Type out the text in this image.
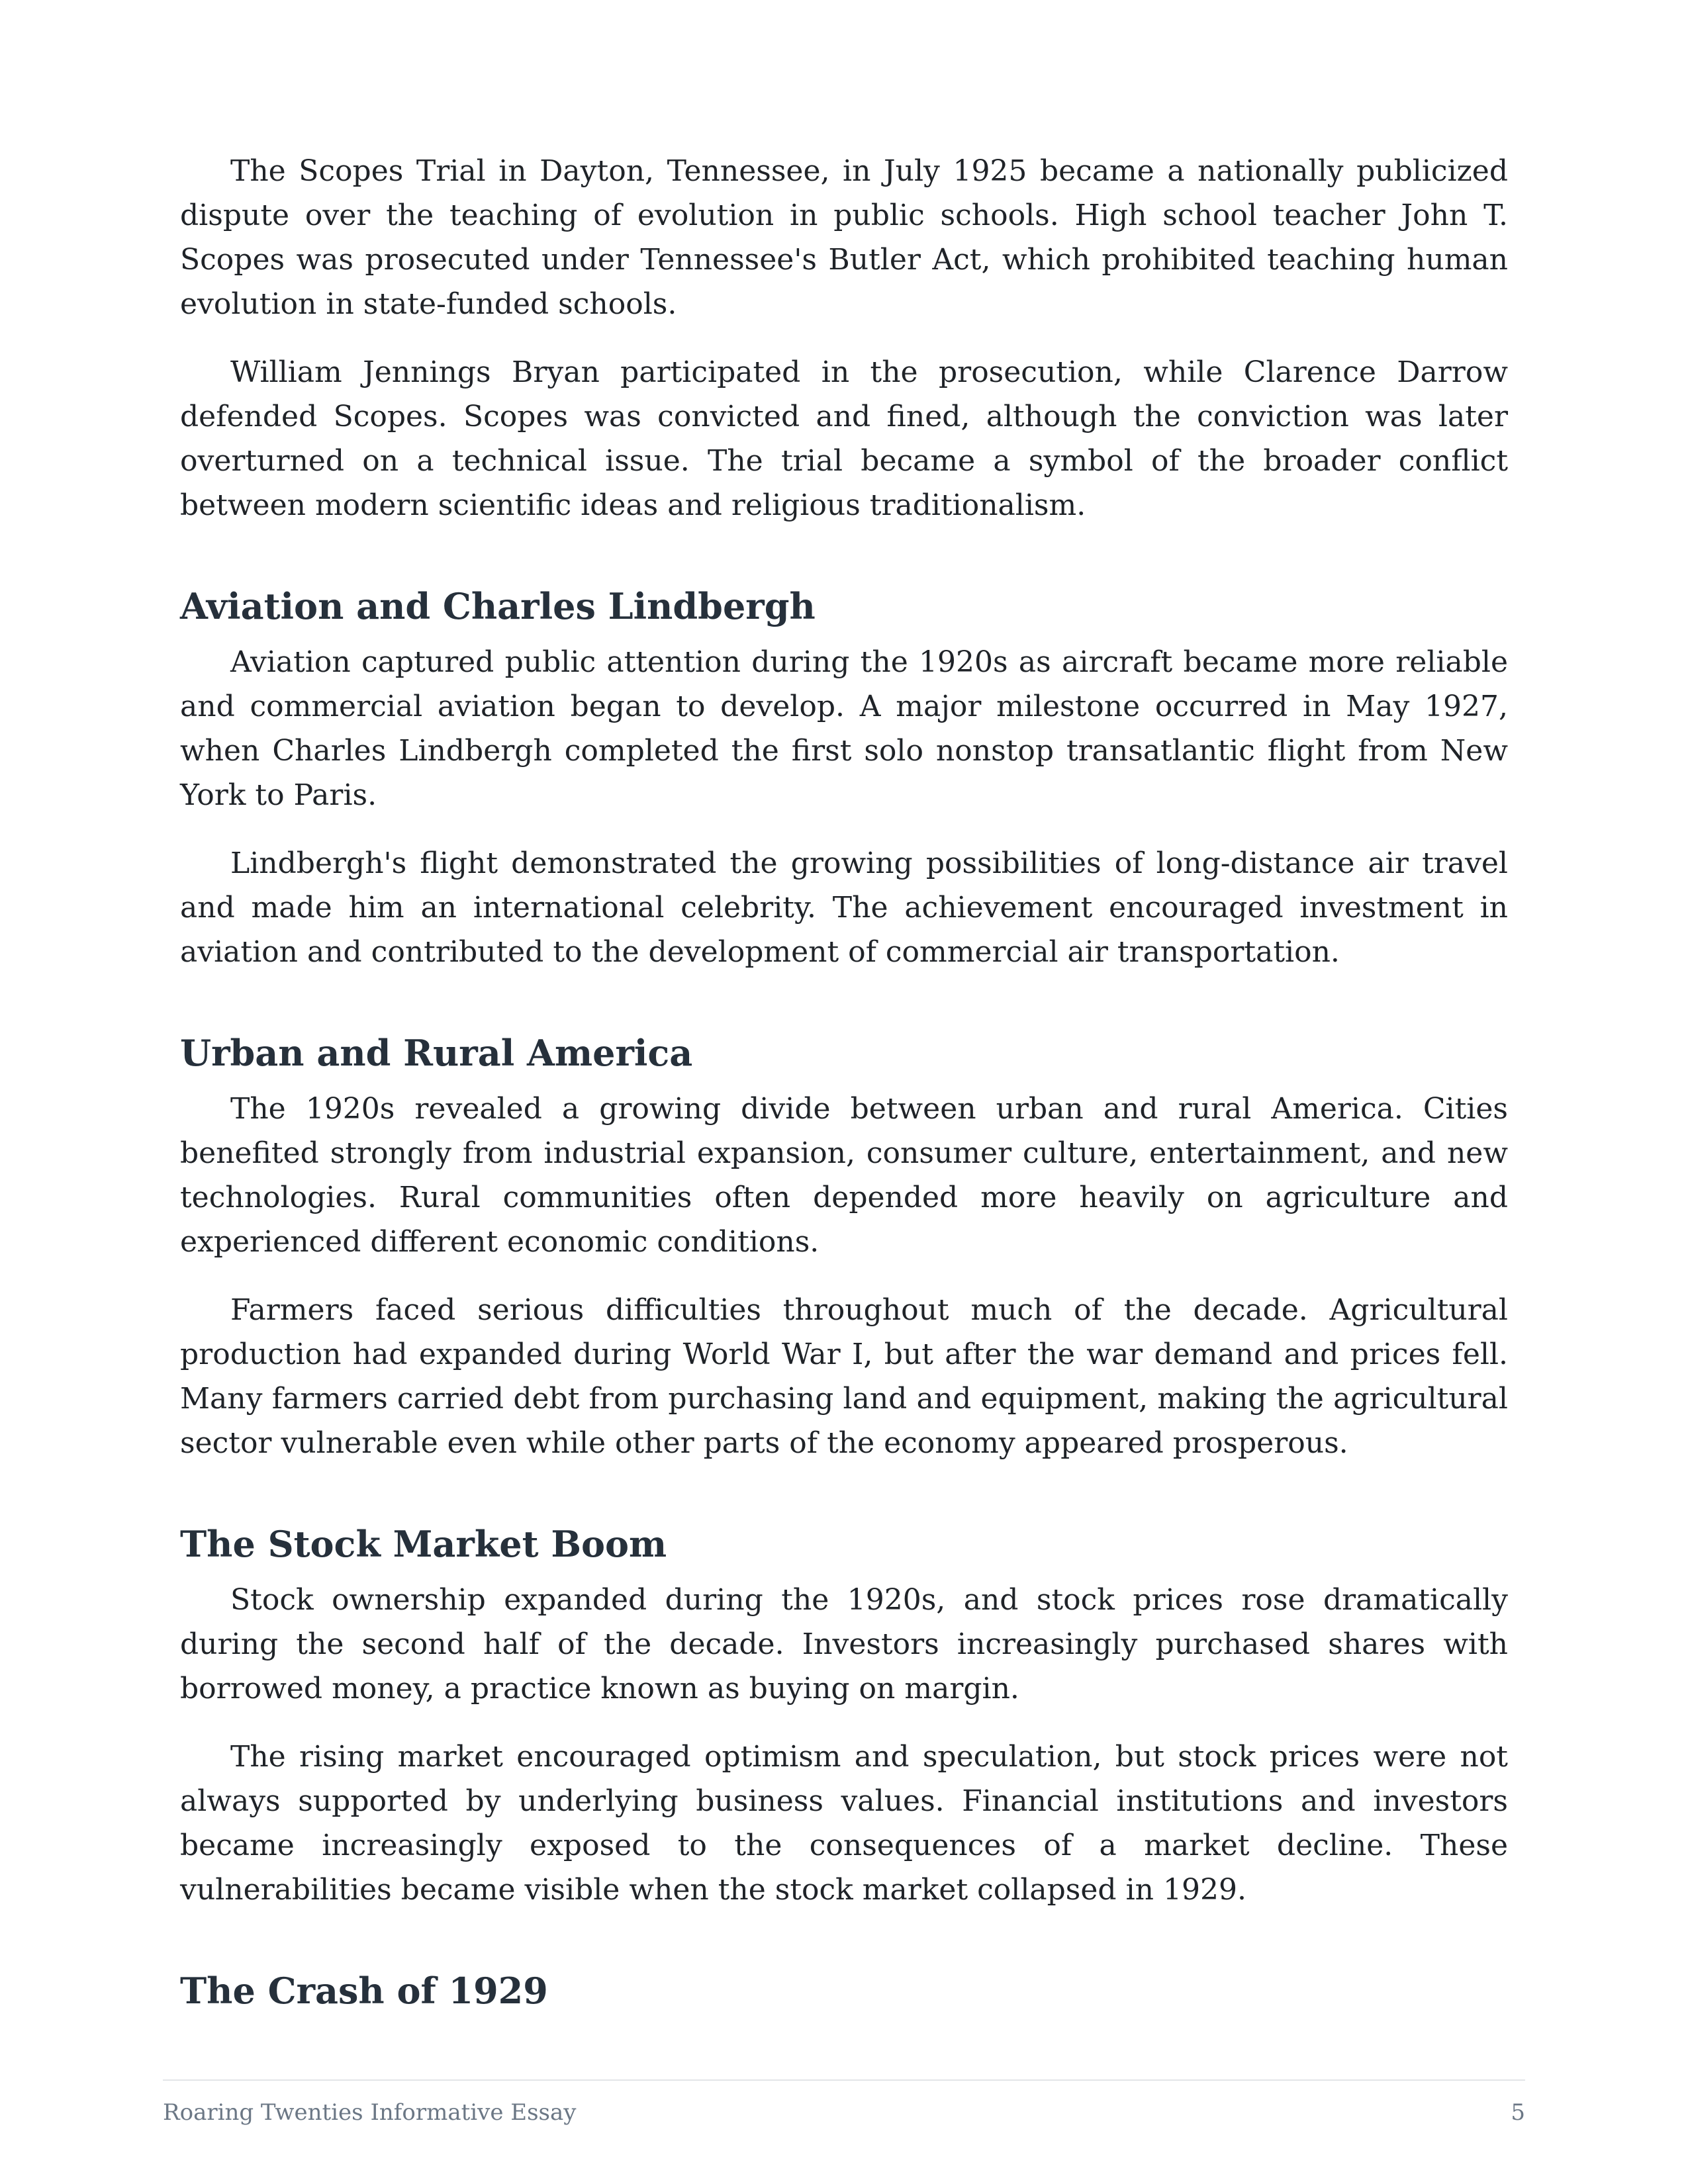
The Scopes Trial in Dayton, Tennessee, in July 1925 became a nationally publicized dispute over the teaching of evolution in public schools. High school teacher John T. Scopes was prosecuted under Tennessee's Butler Act, which prohibited teaching human evolution in state-funded schools.

William Jennings Bryan participated in the prosecution, while Clarence Darrow defended Scopes. Scopes was convicted and fined, although the conviction was later overturned on a technical issue. The trial became a symbol of the broader conflict between modern scientific ideas and religious traditionalism.

Aviation and Charles Lindbergh

Aviation captured public attention during the 1920s as aircraft became more reliable and commercial aviation began to develop. A major milestone occurred in May 1927, when Charles Lindbergh completed the first solo nonstop transatlantic flight from New York to Paris.

Lindbergh's flight demonstrated the growing possibilities of long-distance air travel and made him an international celebrity. The achievement encouraged investment in aviation and contributed to the development of commercial air transportation.

Urban and Rural America

The 1920s revealed a growing divide between urban and rural America. Cities benefited strongly from industrial expansion, consumer culture, entertainment, and new technologies. Rural communities often depended more heavily on agriculture and experienced different economic conditions.

Farmers faced serious difficulties throughout much of the decade. Agricultural production had expanded during World War I, but after the war demand and prices fell. Many farmers carried debt from purchasing land and equipment, making the agricultural sector vulnerable even while other parts of the economy appeared prosperous.

The Stock Market Boom

Stock ownership expanded during the 1920s, and stock prices rose dramatically during the second half of the decade. Investors increasingly purchased shares with borrowed money, a practice known as buying on margin.

The rising market encouraged optimism and speculation, but stock prices were not always supported by underlying business values. Financial institutions and investors became increasingly exposed to the consequences of a market decline. These vulnerabilities became visible when the stock market collapsed in 1929.

The Crash of 1929
Roaring Twenties Informative Essay	5
